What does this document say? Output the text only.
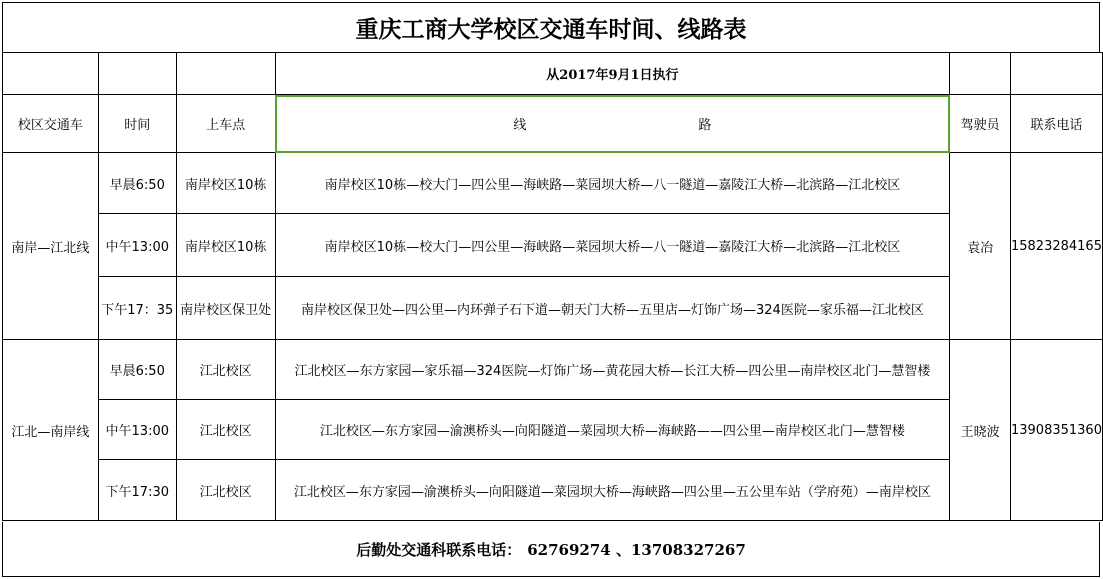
重庆工商大学校区交通车时间、线路表
			从2017年9月1日执行		
校区交通车	时间	上车点	线 路	驾驶员	联系电话
南岸—江北线	早晨6:50	南岸校区10栋	南岸校区10栋—校大门—四公里—海峡路—菜园坝大桥—八一隧道—嘉陵江大桥—北滨路—江北校区	袁冶	15823284165
	中午13:00	南岸校区10栋	南岸校区10栋—校大门—四公里—海峡路—菜园坝大桥—八一隧道—嘉陵江大桥—北滨路—江北校区		
	下午17：35	南岸校区保卫处	南岸校区保卫处—四公里—内环弹子石下道—朝天门大桥—五里店—灯饰广场—324医院—家乐福—江北校区		
江北—南岸线	早晨6:50	江北校区	江北校区—东方家园—家乐福—324医院—灯饰广场—黄花园大桥—长江大桥—四公里—南岸校区北门—慧智楼	王晓波	13908351360
	中午13:00	江北校区	江北校区—东方家园—渝澳桥头—向阳隧道—菜园坝大桥—海峡路——四公里—南岸校区北门—慧智楼		
	下午17:30	江北校区	江北校区—东方家园—渝澳桥头—向阳隧道—菜园坝大桥—海峡路—四公里—五公里车站（学府苑）—南岸校区		
后勤处交通科联系电话： 62769274 、13708327267
